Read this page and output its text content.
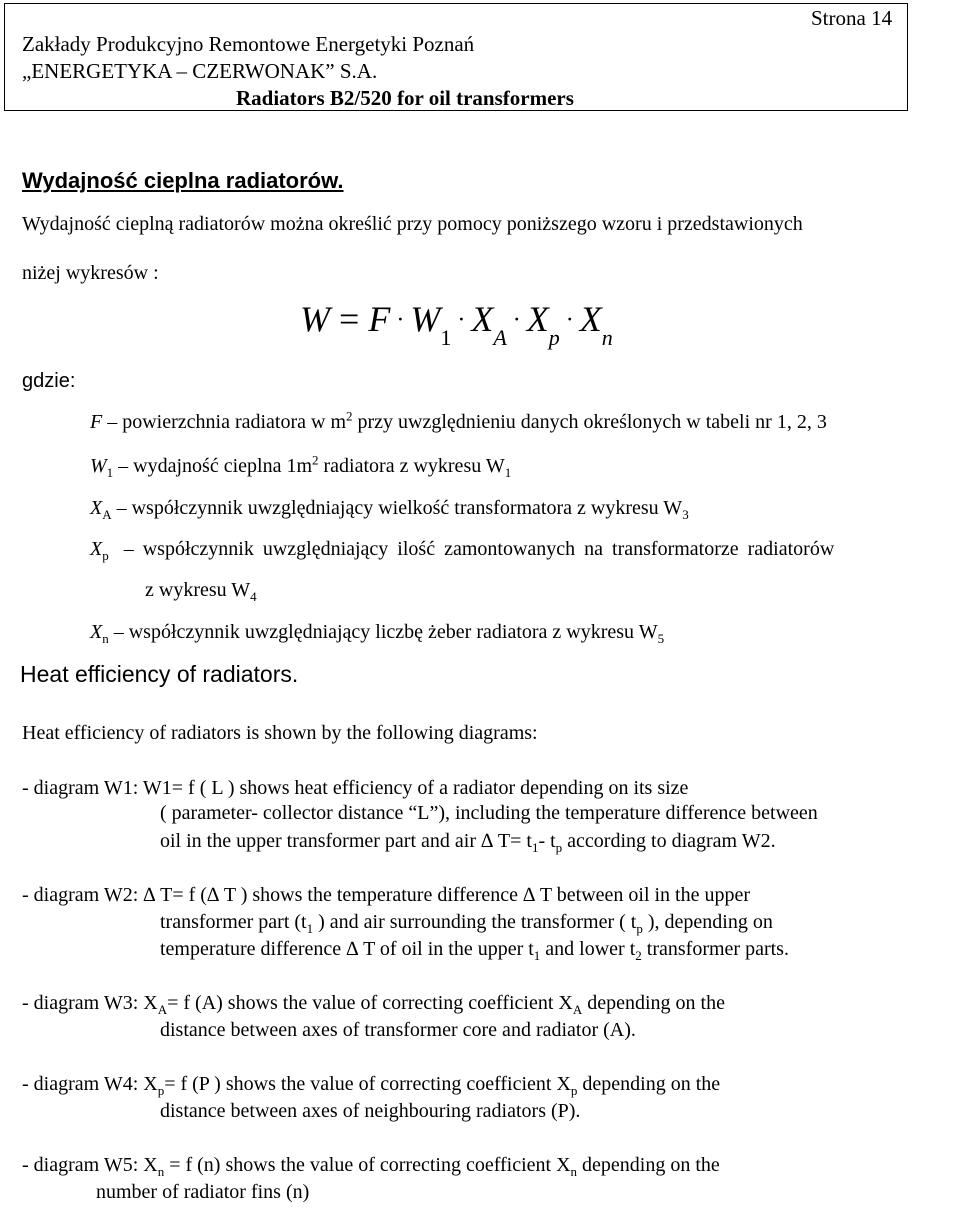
Strona 14
Zakłady Produkcyjno Remontowe Energetyki Poznań
„ENERGETYKA – CZERWONAK” S.A.
Radiators B2/520 for oil transformers
Wydajność cieplna radiatorów.
Wydajność cieplną radiatorów można określić przy pomocy poniższego wzoru i przedstawionych
niżej wykresów :
$W = F \cdot W_1\cdot X_A\cdot X_p\cdot X_n$
gdzie:
F – powierzchnia radiatora w $m^2$ przy uwzględnieniu danych określonych w tabeli nr 1, 2, 3
$W_1$ – wydajność cieplna $1m^2$ radiatora z wykresu $W_1$
$X_A$ – współczynnik uwzględniający wielkość transformatora z wykresu $W_3$
$X_p$ – współczynnik uwzględniający ilość zamontowanych na transformatorze radiatorów
z wykresu $W_4$
$X_n$ – współczynnik uwzględniający liczbę żeber radiatora z wykresu $W_5$
Heat efficiency of radiators.
Heat efficiency of radiators is shown by the following diagrams:
- diagram W1: W1= f ( L ) shows heat efficiency of a radiator depending on its size
( parameter- collector distance “L”), including the temperature difference between
oil in the upper transformer part and air ∆ $T= t_1-$ $t_p$ according to diagram W2.
- diagram W2: ∆ T= f (∆ T ) shows the temperature difference ∆ T between oil in the upper
transformer part ($t_1$ ) and air surrounding the transformer ( $t_p$ ), depending on
temperature difference ∆ T of oil in the upper $t_1$ and lower $t_2$ transformer parts.
- diagram W3: $X_A= f$ (A) shows the value of correcting coefficient $X_A$ depending on the
distance between axes of transformer core and radiator (A).
- diagram W4: $X_p= f$ (P ) shows the value of correcting coefficient $X_p$ depending on the
distance between axes of neighbouring radiators (P).
- diagram W5: $X_n = f$ (n) shows the value of correcting coefficient $X_n$ depending on the
number of radiator fins (n)
